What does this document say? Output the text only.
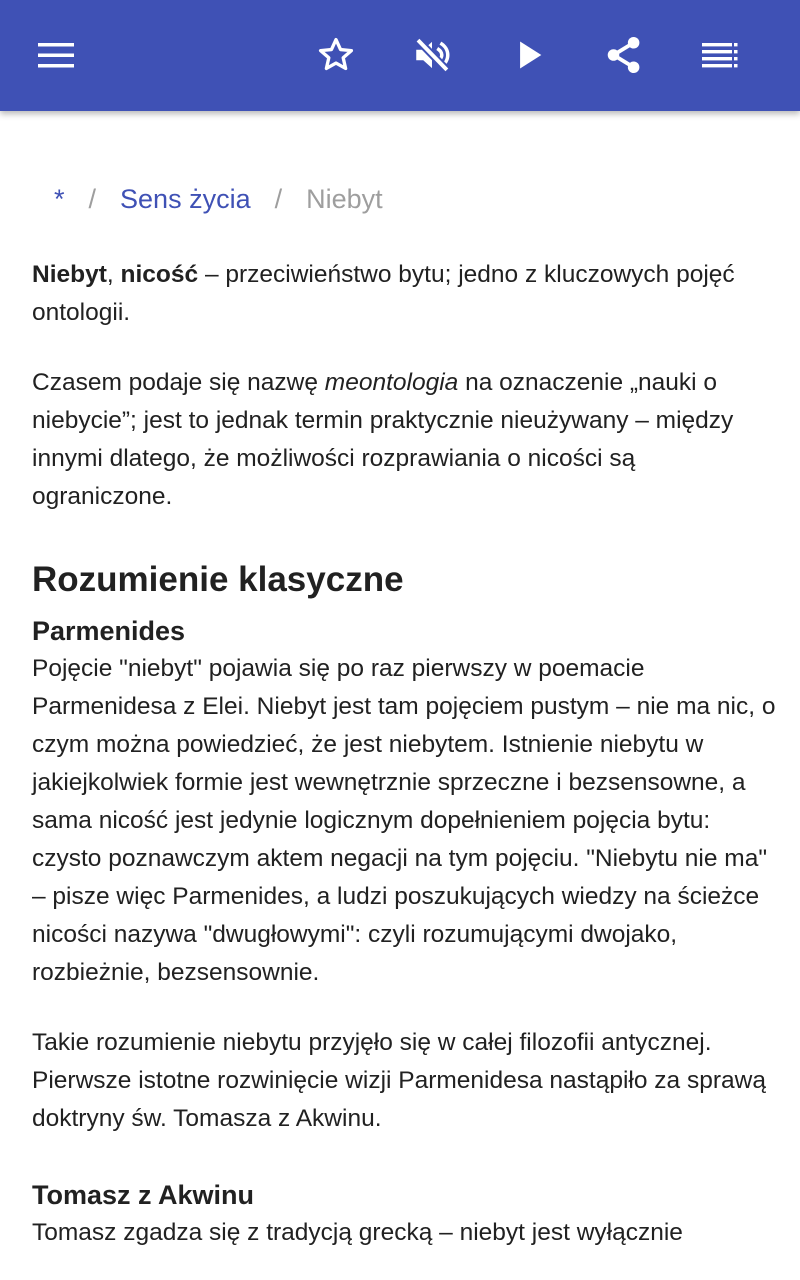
* / Sens życia / Niebyt

Niebyt, nicość – przeciwieństwo bytu; jedno z kluczowych pojęć ontologii.

Czasem podaje się nazwę meontologia na oznaczenie „nauki o niebycie”; jest to jednak termin praktycznie nieużywany – między innymi dlatego, że możliwości rozprawiania o nicości są ograniczone.

Rozumienie klasyczne
Parmenides

Pojęcie "niebyt" pojawia się po raz pierwszy w poemacie Parmenidesa z Elei. Niebyt jest tam pojęciem pustym – nie ma nic, o czym można powiedzieć, że jest niebytem. Istnienie niebytu w jakiejkolwiek formie jest wewnętrznie sprzeczne i bezsensowne, a sama nicość jest jedynie logicznym dopełnieniem pojęcia bytu: czysto poznawczym aktem negacji na tym pojęciu. "Niebytu nie ma" – pisze więc Parmenides, a ludzi poszukujących wiedzy na ścieżce nicości nazywa "dwugłowymi": czyli rozumującymi dwojako, rozbieżnie, bezsensownie.

Takie rozumienie niebytu przyjęło się w całej filozofii antycznej. Pierwsze istotne rozwinięcie wizji Parmenidesa nastąpiło za sprawą doktryny św. Tomasza z Akwinu.

Tomasz z Akwinu

Tomasz zgadza się z tradycją grecką – niebyt jest wyłącznie
